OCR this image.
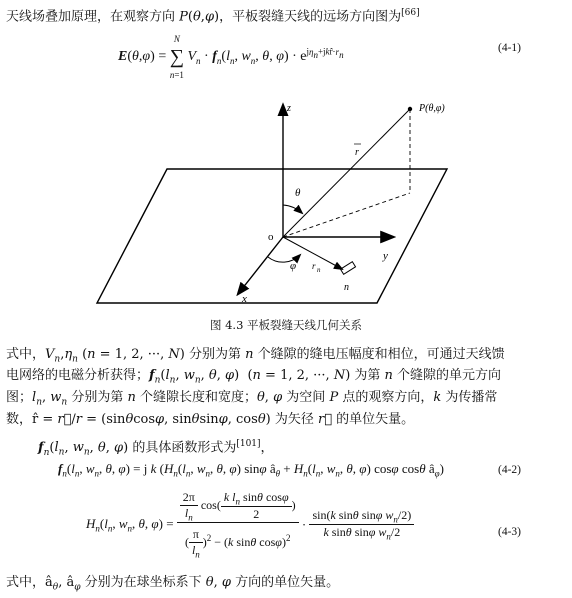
天线场叠加原理，在观察方向 P(θ,φ)，平板裂缝天线的远场方向图为[66]
E(θ,φ) =
N
∑
n=1
$V_n \cdot f_n(l_n$, $w_n$, θ, $\varphi) \cdot e^{j\eta_n+jkr̂\cdot r_n}$
(4-1)
z	P(θ,φ)
r
θ
o
y
φ r n
n
x
图 4.3 平板裂缝天线几何关系
式中，$V_n,\eta_n$ (n = 1, 2, ···, N) 分别为第 n 个缝隙的缝电压幅度和相位，可通过天线馈
电网络的电磁分析获得；$f_n(l_n$, $w_n$, θ, φ)  (n = 1, 2, ···, N) 为第 n 个缝隙的单元方向
图；$l_n$, $w_n$ 分别为第 n 个缝隙长度和宽度；θ, φ 为空间 P 点的观察方向，k 为传播常
数，r̂ = r⃗/r = (sinθcosφ, sinθsinφ, cosθ) 为矢径 r⃗ 的单位矢量。
$f_n(l_n$, $w_n$, θ, φ) 的具体函数形式为[101]，
$f_n(l_n$, $w_n$, θ, φ) = j k ($H_n(l_n$, $w_n$, θ, φ) sinφ $â_\theta + H_n(l_n$, $w_n$, θ, φ) cosφ cosθ $â_\varphi$)	(4-2)
$H_n(l_n$, $w_n$, θ, $\varphi) = \frac{\frac{2\pi}{l_n} \cos( \frac{k l_n \sin\theta \cos\varphi}{2} )}{( \frac{\pi}{l_n} )^2 - (k \sin\theta \cos\varphi)^2} \cdot \frac{\sin(k \sin\theta \sin\varphi w_n/2)}{k \sin\theta \sin\varphi w_n/2}$	(4-3)
式中，$â_\theta$, $â_\varphi$ 分别为在球坐标系下 θ, φ 方向的单位矢量。
